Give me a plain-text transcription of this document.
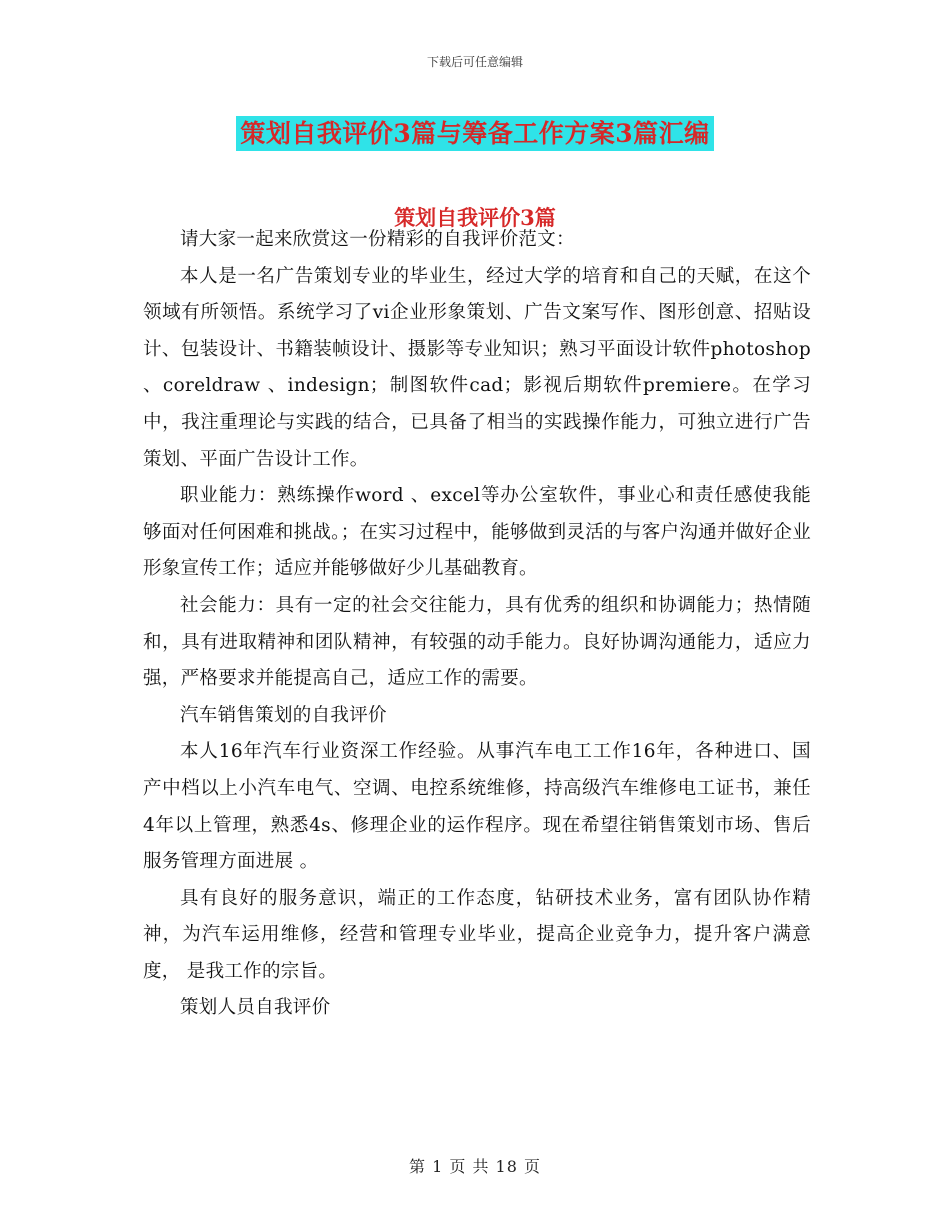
下载后可任意编辑
策划自我评价3篇与筹备工作方案3篇汇编
策划自我评价3篇

请大家一起来欣赏这一份精彩的自我评价范文：

本人是一名广告策划专业的毕业生，经过大学的培育和自己的天赋，在这个领域有所领悟。系统学习了vi企业形象策划、广告文案写作、图形创意、招贴设计、包装设计、书籍装帧设计、摄影等专业知识；熟习平面设计软件photoshop 、coreldraw 、indesign；制图软件cad；影视后期软件premiere。在学习中，我注重理论与实践的结合，已具备了相当的实践操作能力，可独立进行广告策划、平面广告设计工作。

职业能力：熟练操作word 、excel等办公室软件，事业心和责任感使我能够面对任何困难和挑战。；在实习过程中，能够做到灵活的与客户沟通并做好企业形象宣传工作；适应并能够做好少儿基础教育。

社会能力：具有一定的社会交往能力，具有优秀的组织和协调能力；热情随和，具有进取精神和团队精神，有较强的动手能力。良好协调沟通能力，适应力强，严格要求并能提高自己，适应工作的需要。

汽车销售策划的自我评价

本人16年汽车行业资深工作经验。从事汽车电工工作16年，各种进口、国产中档以上小汽车电气、空调、电控系统维修，持高级汽车维修电工证书，兼任4年以上管理，熟悉4s、修理企业的运作程序。现在希望往销售策划市场、售后服务管理方面进展 。

具有良好的服务意识，端正的工作态度，钻研技术业务，富有团队协作精神，为汽车运用维修，经营和管理专业毕业，提高企业竞争力，提升客户满意度， 是我工作的宗旨。

策划人员自我评价

第 1 页 共 18 页
